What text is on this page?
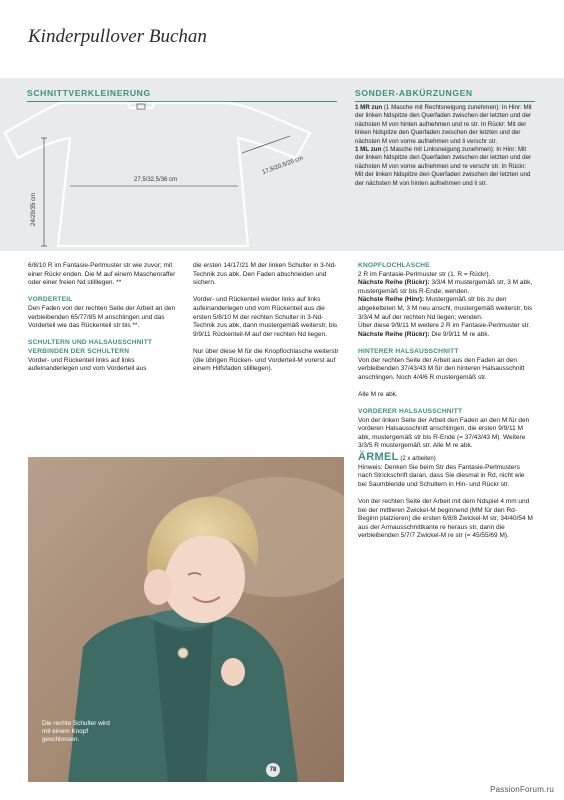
Kinderpullover Buchan
SCHNITTVERKLEINERUNG	SONDER-ABKÜRZUNGEN
24/29/35 cm
27,5/32,5/36 cm
17,5/20,5/25 cm
1 MR zun (1 Masche mit Rechtsneigung zunehmen): In Hinr: Mit der linken Ndspitze den Querfaden zwischen der letzten und der nächsten M von hinten aufnehmen und re str. In Rückr: Mit der linken Ndspitze den Querfaden zwischen der letzten und der nächsten M von vorne aufnehmen und li verschr str.
1 ML zun (1 Masche mit Linksneigung zunehmen): In Hinr: Mit der linken Ndspitze den Querfaden zwischen der letzten und der nächsten M von vorne aufnehmen und re verschr str. In Rückr: Mit der linken Ndspitze den Querfaden zwischen der letzten und der nächsten M von hinten aufnehmen und li str.

6/8/10 R im Fantasie-Perlmuster str wie zuvor; mit einer Rückr enden. Die M auf einem Maschenraffer oder einer freien Nd stilllegen. **

VORDERTEIL

Den Faden von der rechten Seite der Arbeit an den verbleibenden 65/77/85 M anschlingen und das Vorderteil wie das Rückenteil str bis **.

SCHULTERN UND HALSAUSSCHNITT
VERBINDEN DER SCHULTERN

Vorder- und Rückenteil links auf links aufeinanderlegen und vom Vorderteil aus

die ersten 14/17/21 M der linken Schulter in 3-Nd-Technik zus abk. Den Faden abschneiden und sichern.

Vorder- und Rückenteil wieder links auf links aufeinanderlegen und vom Rückenteil aus die ersten 5/8/10 M der rechten Schulter in 3-Nd-Technik zus abk, dann mustergemäß weiterstr, bis 9/9/11 Rückenteil-M auf der rechten Nd liegen.

Nur über diese M für die Knopflochlasche weiterstr (die übrigen Rücken- und Vorderteil-M vorerst auf einem Hilfsfaden stilllegen).

KNOPFLOCHLASCHE

2 R im Fantasie-Perlmuster str (1. R = Rückr).

Nächste Reihe (Rückr): 3/3/4 M mustergemäß str, 3 M abk, mustergemäß str bis R-Ende; wenden.

Nächste Reihe (Hinr): Mustergemäß str bis zu den abgeketteten M, 3 M neu anschl, mustergemäß weiterstr, bis 3/3/4 M auf der rechten Nd liegen; wenden.

Über diese 9/9/11 M weitere 2 R im Fantasie-Perlmuster str.

Nächste Reihe (Rückr): Die 9/9/11 M re abk.

HINTERER HALSAUSSCHNITT

Von der rechten Seite der Arbeit aus den Faden an den verbleibenden 37/43/43 M für den hinteren Halsausschnitt anschlingen. Noch 4/4/6 R mustergemäß str.

Alle M re abk.

VORDERER HALSAUSSCHNITT

Von der linken Seite der Arbeit den Faden an den M für den vorderen Halsausschnitt anschlingen, die ersten 9/9/11 M abk, mustergemäß str bis R-Ende (= 37/43/43 M). Weitere 3/3/5 R mustergemäß str. Alle M re abk.

ÄRMEL (2 x arbeiten)

Hinweis: Denken Sie beim Str des Fantasie-Perlmusters nach Strickschrift daran, dass Sie diesmal in Rd, nicht wie bei Saumblende und Schultern in Hin- und Rückr str.

Von der rechten Seite der Arbeit mit dem Ndspiel 4 mm und bei der mittleren Zwickel-M beginnend (MM für den Rd-Beginn platzieren) die ersten 6/8/8 Zwickel-M str, 34/40/54 M aus der Armausschnittkante re heraus str, dann die verbleibenden 5/7/7 Zwickel-M re str (= 45/55/69 M).

Die rechte Schulter wird mit einem Knopf geschlossen.
78
PassionForum.ru
